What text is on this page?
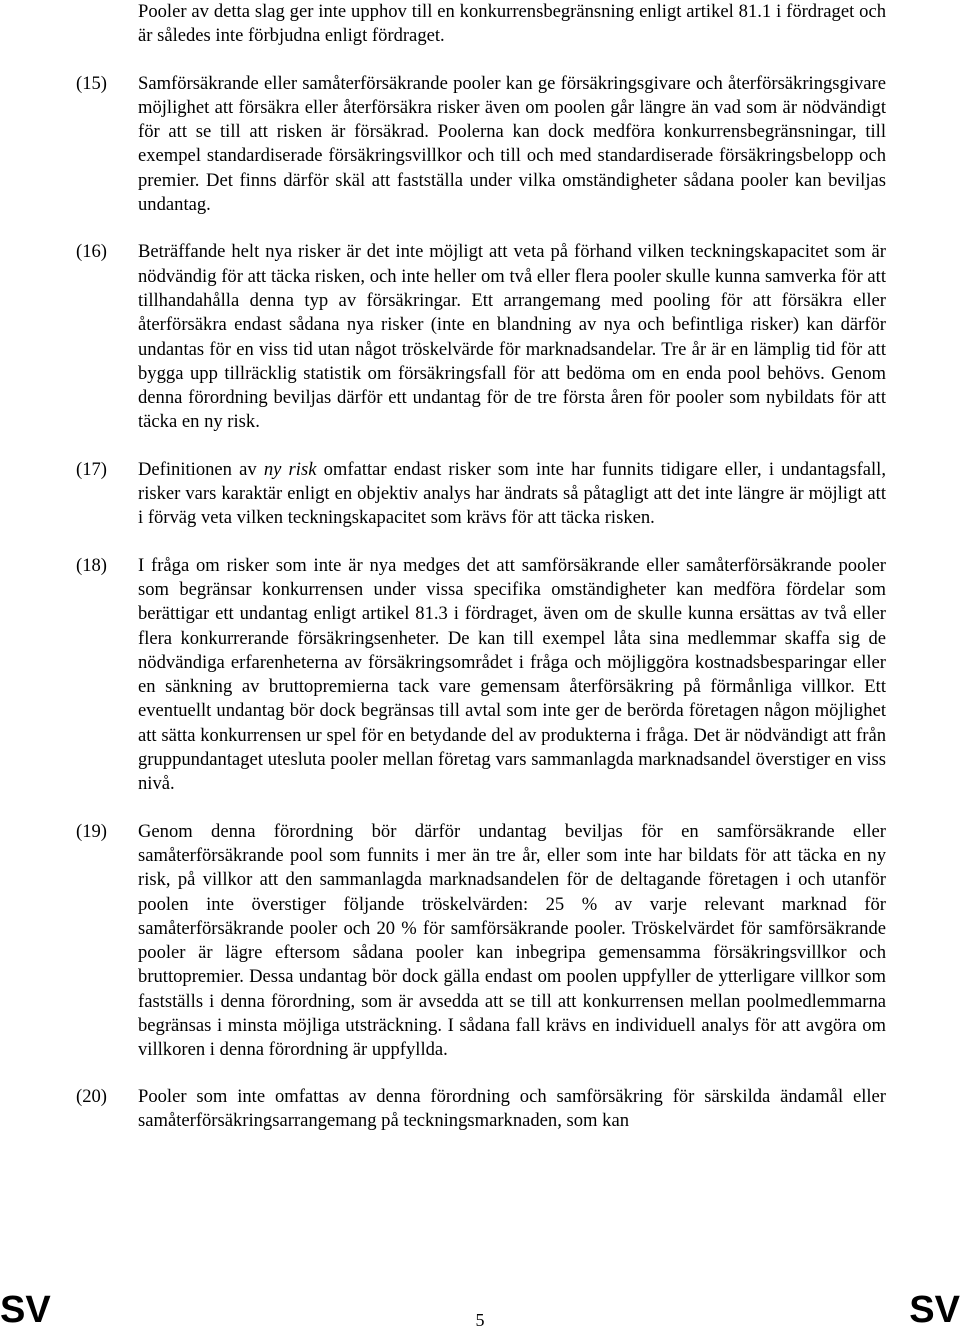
Pooler av detta slag ger inte upphov till en konkurrensbegränsning enligt artikel 81.1 i fördraget och är således inte förbjudna enligt fördraget.
(15) Samförsäkrande eller samåterförsäkrande pooler kan ge försäkringsgivare och återförsäkringsgivare möjlighet att försäkra eller återförsäkra risker även om poolen går längre än vad som är nödvändigt för att se till att risken är försäkrad. Poolerna kan dock medföra konkurrensbegränsningar, till exempel standardiserade försäkringsvillkor och till och med standardiserade försäkringsbelopp och premier. Det finns därför skäl att fastställa under vilka omständigheter sådana pooler kan beviljas undantag.
(16) Beträffande helt nya risker är det inte möjligt att veta på förhand vilken teckningskapacitet som är nödvändig för att täcka risken, och inte heller om två eller flera pooler skulle kunna samverka för att tillhandahålla denna typ av försäkringar. Ett arrangemang med pooling för att försäkra eller återförsäkra endast sådana nya risker (inte en blandning av nya och befintliga risker) kan därför undantas för en viss tid utan något tröskelvärde för marknadsandelar. Tre år är en lämplig tid för att bygga upp tillräcklig statistik om försäkringsfall för att bedöma om en enda pool behövs. Genom denna förordning beviljas därför ett undantag för de tre första åren för pooler som nybildats för att täcka en ny risk.
(17) Definitionen av ny risk omfattar endast risker som inte har funnits tidigare eller, i undantagsfall, risker vars karaktär enligt en objektiv analys har ändrats så påtagligt att det inte längre är möjligt att i förväg veta vilken teckningskapacitet som krävs för att täcka risken.
(18) I fråga om risker som inte är nya medges det att samförsäkrande eller samåterförsäkrande pooler som begränsar konkurrensen under vissa specifika omständigheter kan medföra fördelar som berättigar ett undantag enligt artikel 81.3 i fördraget, även om de skulle kunna ersättas av två eller flera konkurrerande försäkringsenheter. De kan till exempel låta sina medlemmar skaffa sig de nödvändiga erfarenheterna av försäkringsområdet i fråga och möjliggöra kostnadsbesparingar eller en sänkning av bruttopremierna tack vare gemensam återförsäkring på förmånliga villkor. Ett eventuellt undantag bör dock begränsas till avtal som inte ger de berörda företagen någon möjlighet att sätta konkurrensen ur spel för en betydande del av produkterna i fråga. Det är nödvändigt att från gruppundantaget utesluta pooler mellan företag vars sammanlagda marknadsandel överstiger en viss nivå.
(19) Genom denna förordning bör därför undantag beviljas för en samförsäkrande eller samåterförsäkrande pool som funnits i mer än tre år, eller som inte har bildats för att täcka en ny risk, på villkor att den sammanlagda marknadsandelen för de deltagande företagen i och utanför poolen inte överstiger följande tröskelvärden: 25 % av varje relevant marknad för samåterförsäkrande pooler och 20 % för samförsäkrande pooler. Tröskelvärdet för samförsäkrande pooler är lägre eftersom sådana pooler kan inbegripa gemensamma försäkringsvillkor och bruttopremier. Dessa undantag bör dock gälla endast om poolen uppfyller de ytterligare villkor som fastställs i denna förordning, som är avsedda att se till att konkurrensen mellan poolmedlemmarna begränsas i minsta möjliga utsträckning. I sådana fall krävs en individuell analys för att avgöra om villkoren i denna förordning är uppfyllda.
(20) Pooler som inte omfattas av denna förordning och samförsäkring för särskilda ändamål eller samåterförsäkringsarrangemang på teckningsmarknaden, som kan
SV	5	SV
